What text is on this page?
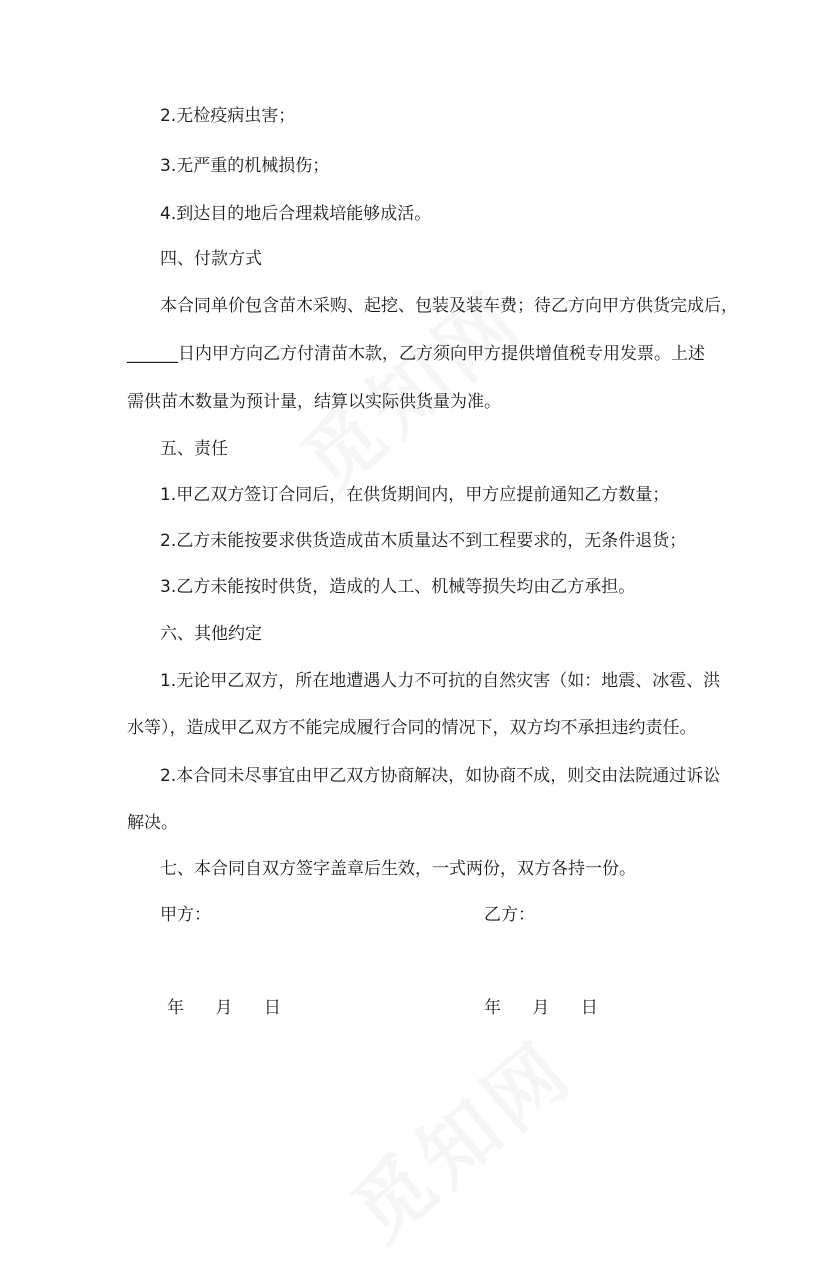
2.无检疫病虫害；
3.无严重的机械损伤；
4.到达目的地后合理栽培能够成活。
四、付款方式
本合同单价包含苗木采购、起挖、包装及装车费；待乙方向甲方供货完成后，
______日内甲方向乙方付清苗木款，乙方须向甲方提供增值税专用发票。上述
需供苗木数量为预计量，结算以实际供货量为准。
五、责任
1.甲乙双方签订合同后，在供货期间内，甲方应提前通知乙方数量；
2.乙方未能按要求供货造成苗木质量达不到工程要求的，无条件退货；
3.乙方未能按时供货，造成的人工、机械等损失均由乙方承担。
六、其他约定
1.无论甲乙双方，所在地遭遇人力不可抗的自然灾害（如：地震、冰雹、洪
水等），造成甲乙双方不能完成履行合同的情况下，双方均不承担违约责任。
2.本合同未尽事宜由甲乙双方协商解决，如协商不成，则交由法院通过诉讼
解决。
七、本合同自双方签字盖章后生效，一式两份，双方各持一份。
甲方：	乙方：
年 月 日	年 月 日
